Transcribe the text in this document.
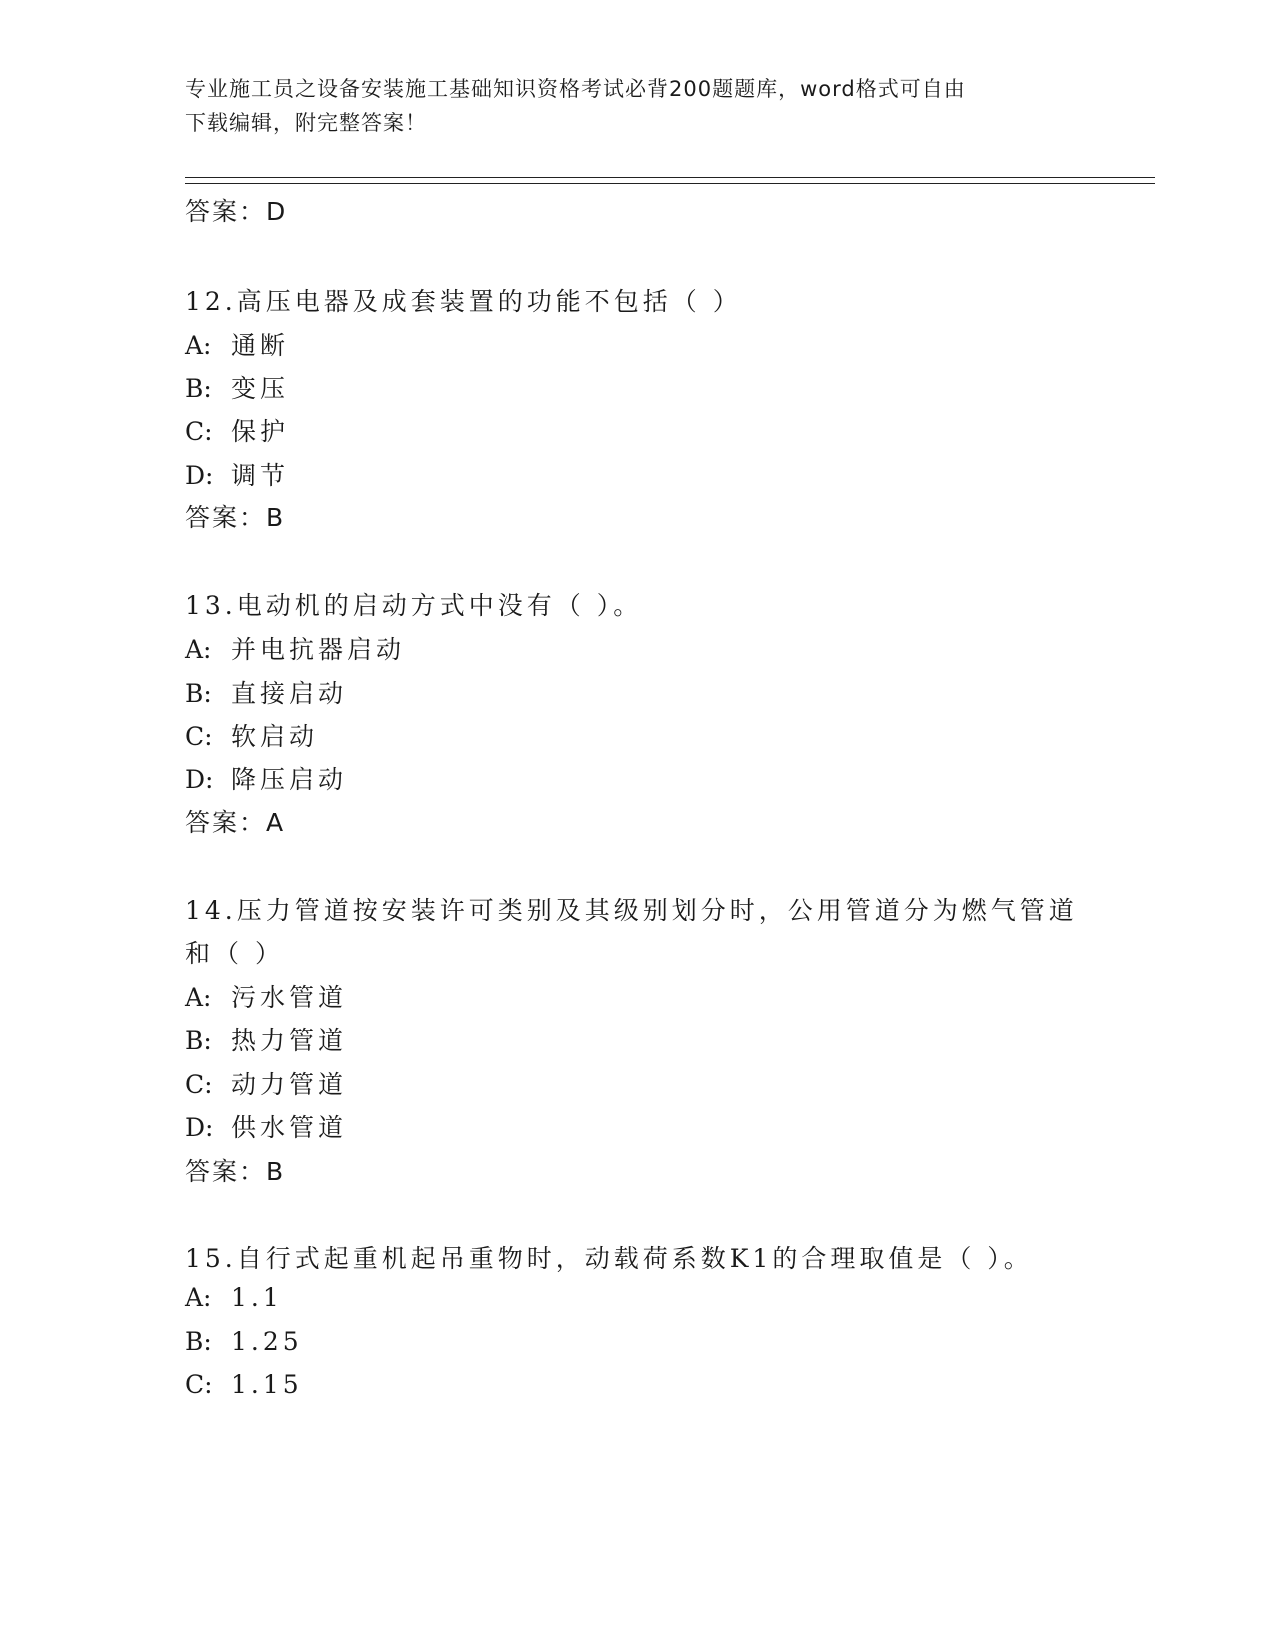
专业施工员之设备安装施工基础知识资格考试必背200题题库，word格式可自由
下载编辑，附完整答案！
答案：D
12.高压电器及成套装置的功能不包括（ ）
A: 通断
B: 变压
C: 保护
D: 调节
答案：B
13.电动机的启动方式中没有（ ）。
A: 并电抗器启动
B: 直接启动
C: 软启动
D: 降压启动
答案：A
14.压力管道按安装许可类别及其级别划分时，公用管道分为燃气管道
和（ ）
A: 污水管道
B: 热力管道
C: 动力管道
D: 供水管道
答案：B
15.自行式起重机起吊重物时，动载荷系数K1的合理取值是（ ）。
A: 1.1
B: 1.25
C: 1.15
